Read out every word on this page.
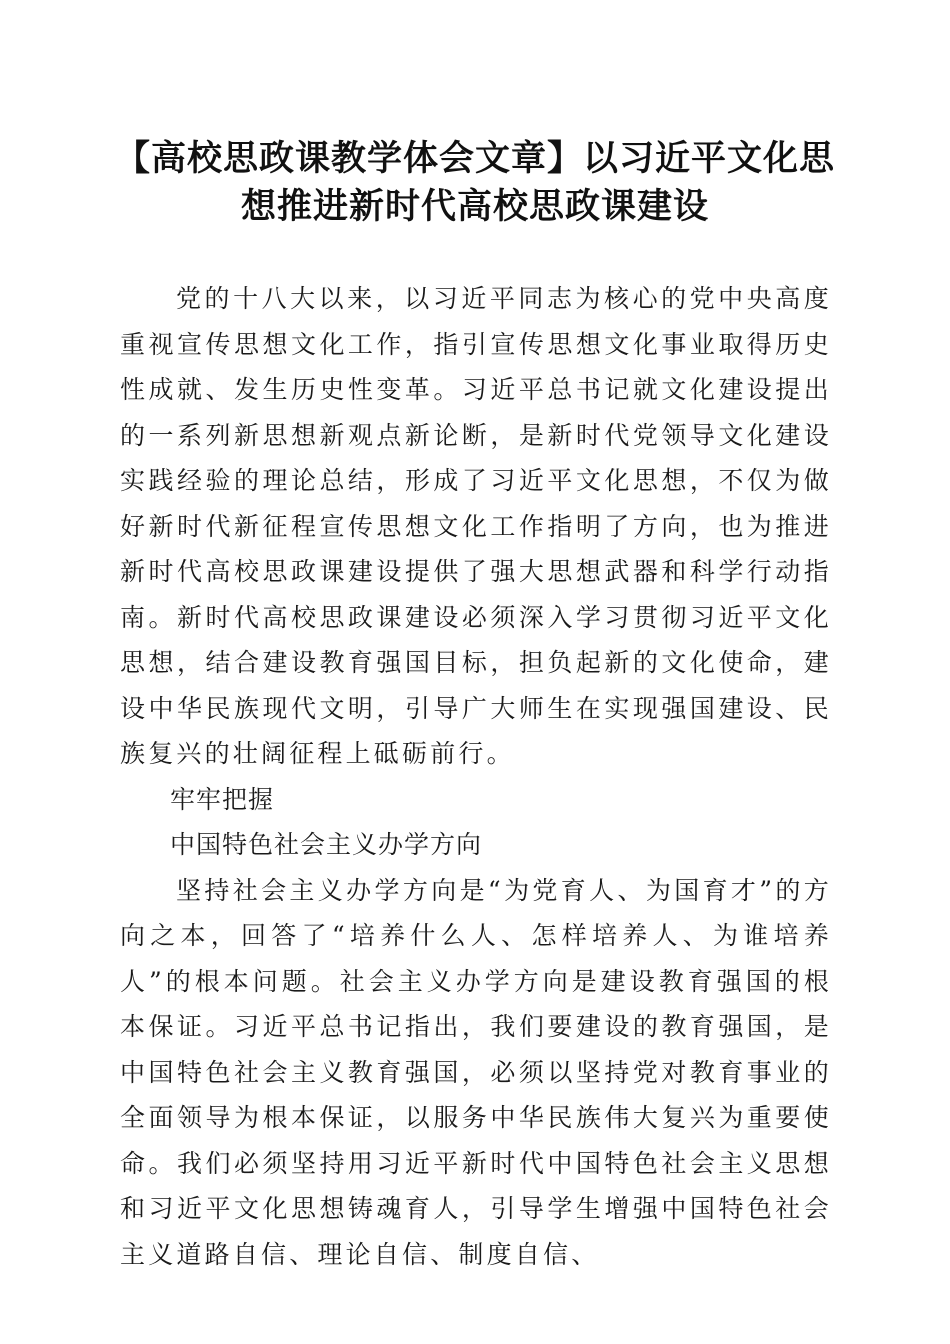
【高校思政课教学体会文章】以习近平文化思
想推进新时代高校思政课建设

党的十八大以来，以习近平同志为核心的党中央高度重视宣传思想文化工作，指引宣传思想文化事业取得历史性成就、发生历史性变革。习近平总书记就文化建设提出的一系列新思想新观点新论断，是新时代党领导文化建设实践经验的理论总结，形成了习近平文化思想，不仅为做好新时代新征程宣传思想文化工作指明了方向，也为推进新时代高校思政课建设提供了强大思想武器和科学行动指南。新时代高校思政课建设必须深入学习贯彻习近平文化思想，结合建设教育强国目标，担负起新的文化使命，建设中华民族现代文明，引导广大师生在实现强国建设、民族复兴的壮阔征程上砥砺前行。

牢牢把握

中国特色社会主义办学方向

坚持社会主义办学方向是“为党育人、为国育才”的方向之本，回答了“培养什么人、怎样培养人、为谁培养人”的根本问题。社会主义办学方向是建设教育强国的根本保证。习近平总书记指出，我们要建设的教育强国，是中国特色社会主义教育强国，必须以坚持党对教育事业的全面领导为根本保证，以服务中华民族伟大复兴为重要使命。我们必须坚持用习近平新时代中国特色社会主义思想和习近平文化思想铸魂育人，引导学生增强中国特色社会主义道路自信、理论自信、制度自信、
